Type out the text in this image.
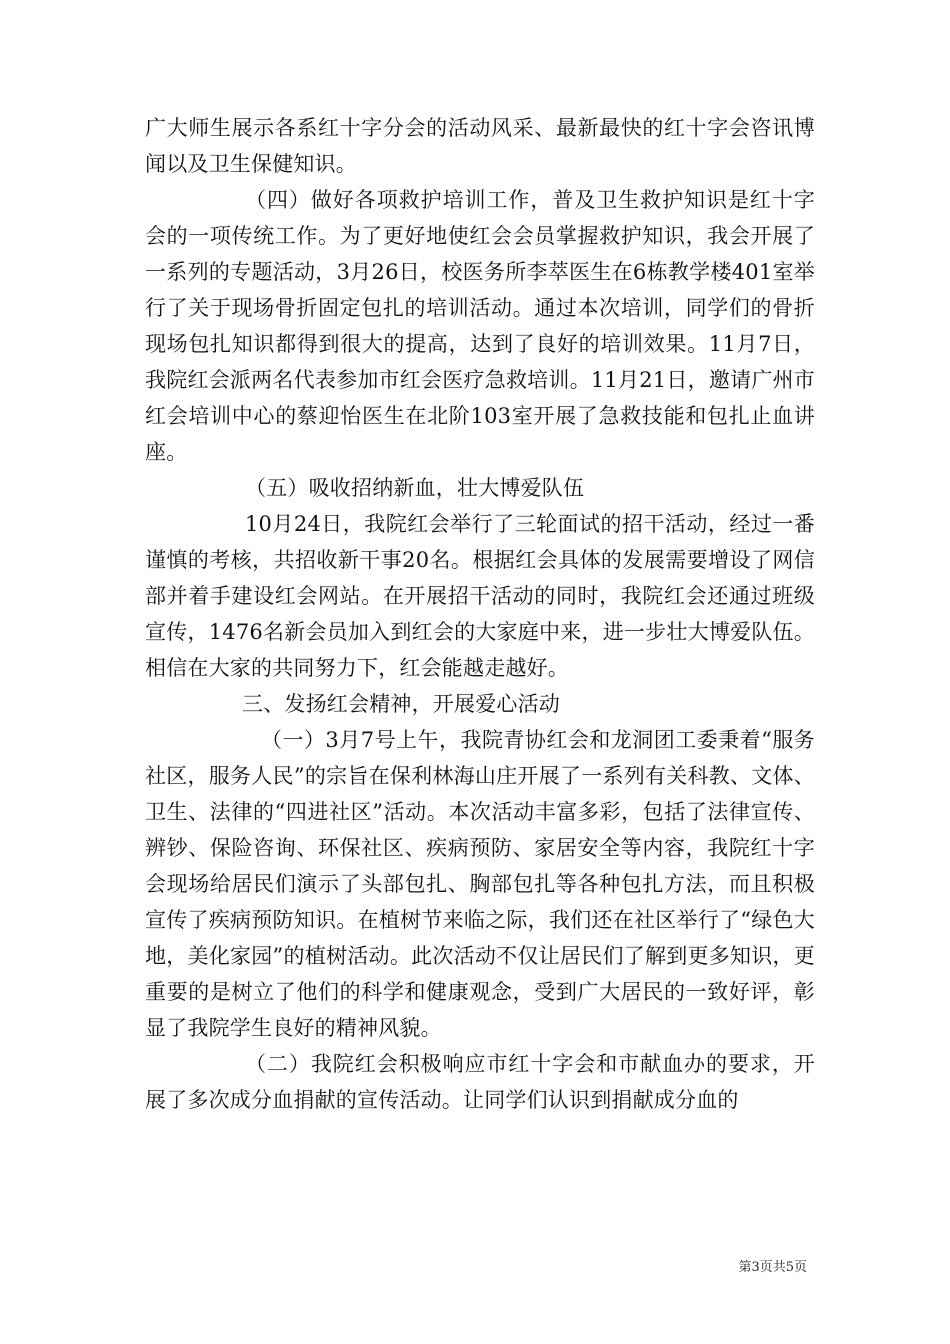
广大师生展示各系红十字分会的活动风采、最新最快的红十字会咨讯博闻以及卫生保健知识。

（四）做好各项救护培训工作，普及卫生救护知识是红十字会的一项传统工作。为了更好地使红会会员掌握救护知识，我会开展了一系列的专题活动，3月26日，校医务所李萃医生在6栋教学楼401室举行了关于现场骨折固定包扎的培训活动。通过本次培训，同学们的骨折现场包扎知识都得到很大的提高，达到了良好的培训效果。11月7日，我院红会派两名代表参加市红会医疗急救培训。11月21日，邀请广州市红会培训中心的蔡迎怡医生在北阶103室开展了急救技能和包扎止血讲座。

（五）吸收招纳新血，壮大博爱队伍

10月24日，我院红会举行了三轮面试的招干活动，经过一番谨慎的考核，共招收新干事20名。根据红会具体的发展需要增设了网信部并着手建设红会网站。在开展招干活动的同时，我院红会还通过班级宣传，1476名新会员加入到红会的大家庭中来，进一步壮大博爱队伍。相信在大家的共同努力下，红会能越走越好。

三、发扬红会精神，开展爱心活动

（一）3月7号上午，我院青协红会和龙洞团工委秉着“服务社区，服务人民”的宗旨在保利林海山庄开展了一系列有关科教、文体、卫生、法律的“四进社区”活动。本次活动丰富多彩，包括了法律宣传、辨钞、保险咨询、环保社区、疾病预防、家居安全等内容，我院红十字会现场给居民们演示了头部包扎、胸部包扎等各种包扎方法，而且积极宣传了疾病预防知识。在植树节来临之际，我们还在社区举行了“绿色大地，美化家园”的植树活动。此次活动不仅让居民们了解到更多知识，更重要的是树立了他们的科学和健康观念，受到广大居民的一致好评，彰显了我院学生良好的精神风貌。

（二）我院红会积极响应市红十字会和市献血办的要求，开展了多次成分血捐献的宣传活动。让同学们认识到捐献成分血的

第3页共5页
